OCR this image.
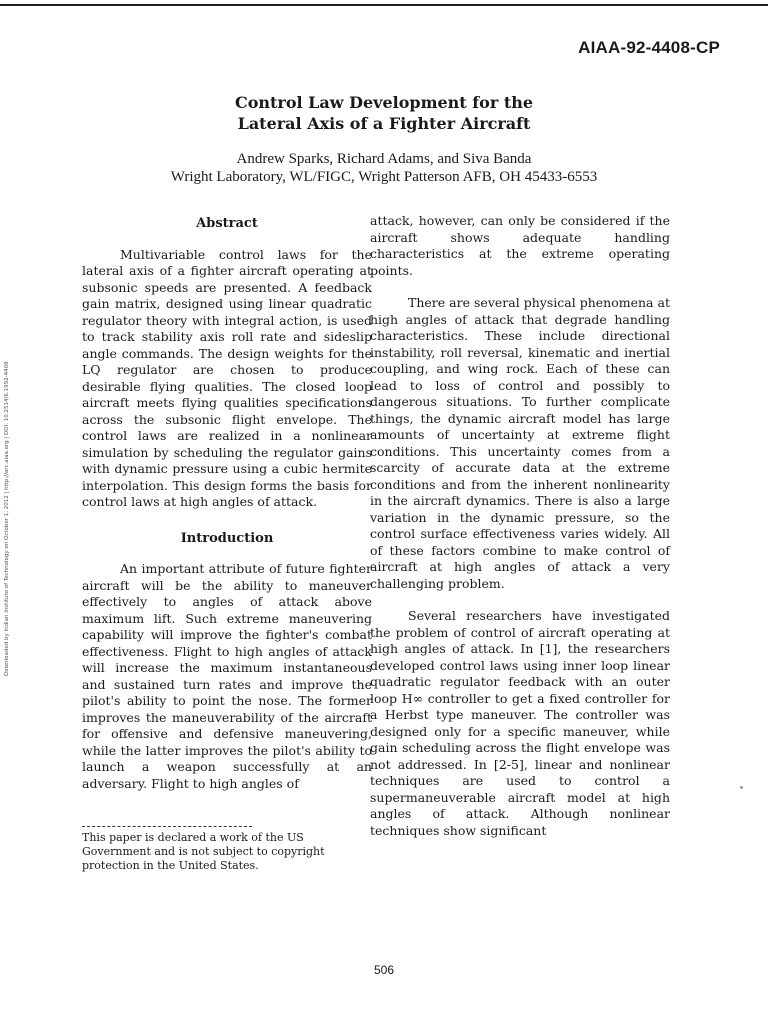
AIAA-92-4408-CP
Control Law Development for the
Lateral Axis of a Fighter Aircraft
Andrew Sparks, Richard Adams, and Siva Banda
Wright Laboratory, WL/FIGC, Wright Patterson AFB, OH 45433-6553
Downloaded by Indian Institute of Technology on October 1, 2012 | http://arc.aiaa.org | DOI: 10.2514/6.1992-4408
Abstract

Multivariable control laws for the lateral axis of a fighter aircraft operating at subsonic speeds are presented. A feedback gain matrix, designed using linear quadratic regulator theory with integral action, is used to track stability axis roll rate and sideslip angle commands. The design weights for the LQ regulator are chosen to produce desirable flying qualities. The closed loop aircraft meets flying qualities specifications across the subsonic flight envelope. The control laws are realized in a nonlinear simulation by scheduling the regulator gains with dynamic pressure using a cubic hermite interpolation. This design forms the basis for control laws at high angles of attack.

Introduction

An important attribute of future fighter aircraft will be the ability to maneuver effectively to angles of attack above maximum lift. Such extreme maneuvering capability will improve the fighter's combat effectiveness. Flight to high angles of attack will increase the maximum instantaneous and sustained turn rates and improve the pilot's ability to point the nose. The former improves the maneuverability of the aircraft for offensive and defensive maneuvering, while the latter improves the pilot's ability to launch a weapon successfully at an adversary. Flight to high angles of

This paper is declared a work of the US Government and is not subject to copyright protection in the United States.

attack, however, can only be considered if the aircraft shows adequate handling characteristics at the extreme operating points.

There are several physical phenomena at high angles of attack that degrade handling characteristics. These include directional instability, roll reversal, kinematic and inertial coupling, and wing rock. Each of these can lead to loss of control and possibly to dangerous situations. To further complicate things, the dynamic aircraft model has large amounts of uncertainty at extreme flight conditions. This uncertainty comes from a scarcity of accurate data at the extreme conditions and from the inherent nonlinearity in the aircraft dynamics. There is also a large variation in the dynamic pressure, so the control surface effectiveness varies widely. All of these factors combine to make control of aircraft at high angles of attack a very challenging problem.

Several researchers have investigated the problem of control of aircraft operating at high angles of attack. In [1], the researchers developed control laws using inner loop linear quadratic regulator feedback with an outer loop H∞ controller to get a fixed controller for a Herbst type maneuver. The controller was designed only for a specific maneuver, while gain scheduling across the flight envelope was not addressed. In [2-5], linear and nonlinear techniques are used to control a supermaneuverable aircraft model at high angles of attack. Although nonlinear techniques show significant

506
